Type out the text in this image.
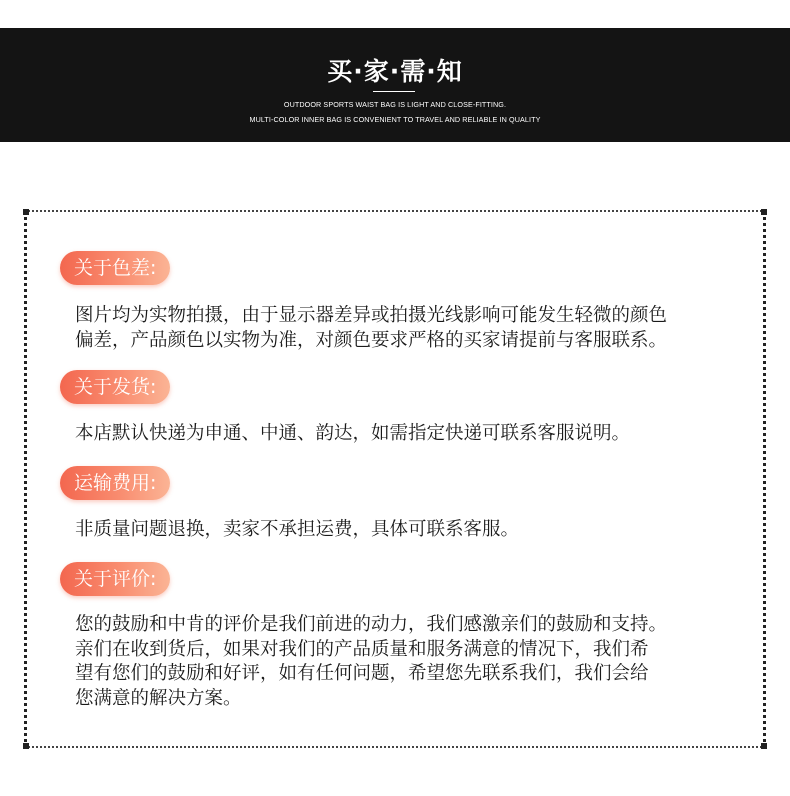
买·家·需·知
OUTDOOR SPORTS WAIST BAG IS LIGHT AND CLOSE-FITTING.
MULTI-COLOR INNER BAG IS CONVENIENT TO TRAVEL AND RELIABLE IN QUALITY
关于色差:
图片均为实物拍摄，由于显示器差异或拍摄光线影响可能发生轻微的颜色
偏差，产品颜色以实物为准，对颜色要求严格的买家请提前与客服联系。
关于发货:
本店默认快递为申通、中通、韵达，如需指定快递可联系客服说明。
运输费用:
非质量问题退换，卖家不承担运费，具体可联系客服。
关于评价:
您的鼓励和中肯的评价是我们前进的动力，我们感激亲们的鼓励和支持。
亲们在收到货后，如果对我们的产品质量和服务满意的情况下，我们希
望有您们的鼓励和好评，如有任何问题，希望您先联系我们，我们会给
您满意的解决方案。
